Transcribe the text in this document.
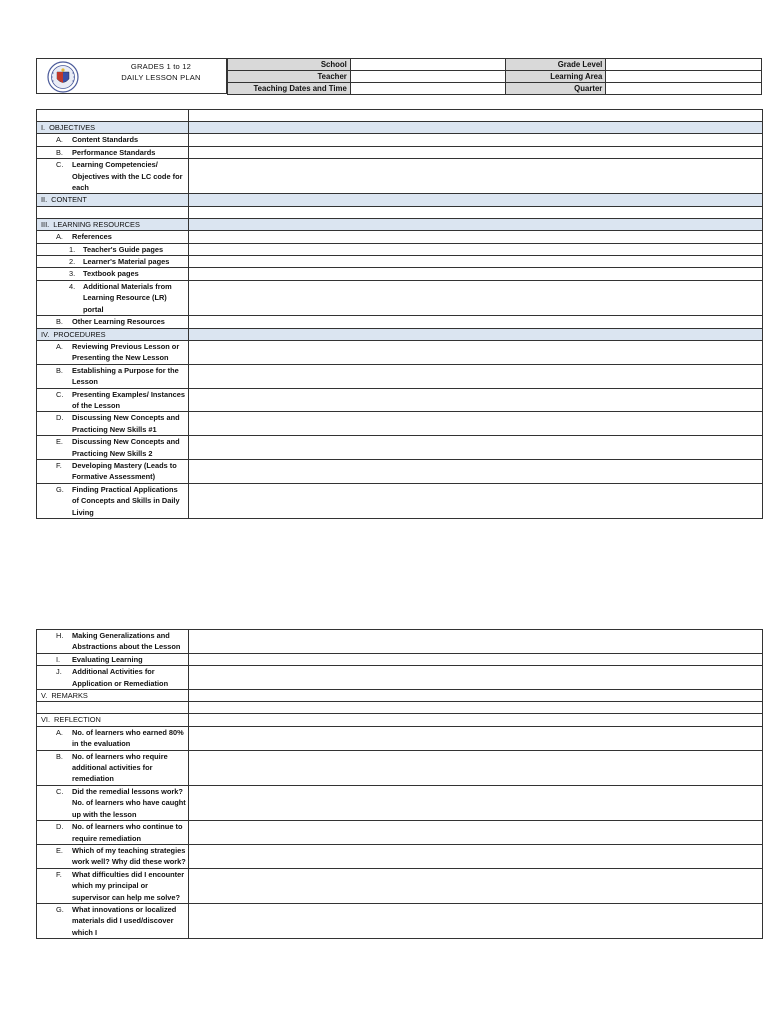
GRADES 1 to 12
DAILY LESSON PLAN
School		Grade Level	
Teacher		Learning Area	
Teaching Dates and Time		Quarter	

I. OBJECTIVES	

A. Content Standards	

B. Performance Standards	

C. Learning Competencies/ Objectives with the LC code for each	

II. CONTENT	

III. LEARNING RESOURCES	

A. References	

1. Teacher's Guide pages	

2. Learner's Material pages	

3. Textbook pages	

4. Additional Materials from Learning Resource (LR) portal	

B. Other Learning Resources	

IV. PROCEDURES	

A. Reviewing Previous Lesson or Presenting the New Lesson	

B. Establishing a Purpose for the Lesson	

C. Presenting Examples/ Instances of the Lesson	

D. Discussing New Concepts and Practicing New Skills #1	

E. Discussing New Concepts and Practicing New Skills 2	

F. Developing Mastery (Leads to Formative Assessment)	

G. Finding Practical Applications of Concepts and Skills in Daily Living	

H. Making Generalizations and Abstractions about the Lesson	

I. Evaluating Learning	

J. Additional Activities for Application or Remediation	

V. REMARKS	

VI. REFLECTION	

A. No. of learners who earned 80% in the evaluation	

B. No. of learners who require additional activities for remediation	

C. Did the remedial lessons work? No. of learners who have caught up with the lesson	

D. No. of learners who continue to require remediation	

E. Which of my teaching strategies work well? Why did these work?	

F. What difficulties did I encounter which my principal or supervisor can help me solve?	

G. What innovations or localized materials did I used/discover which I	
